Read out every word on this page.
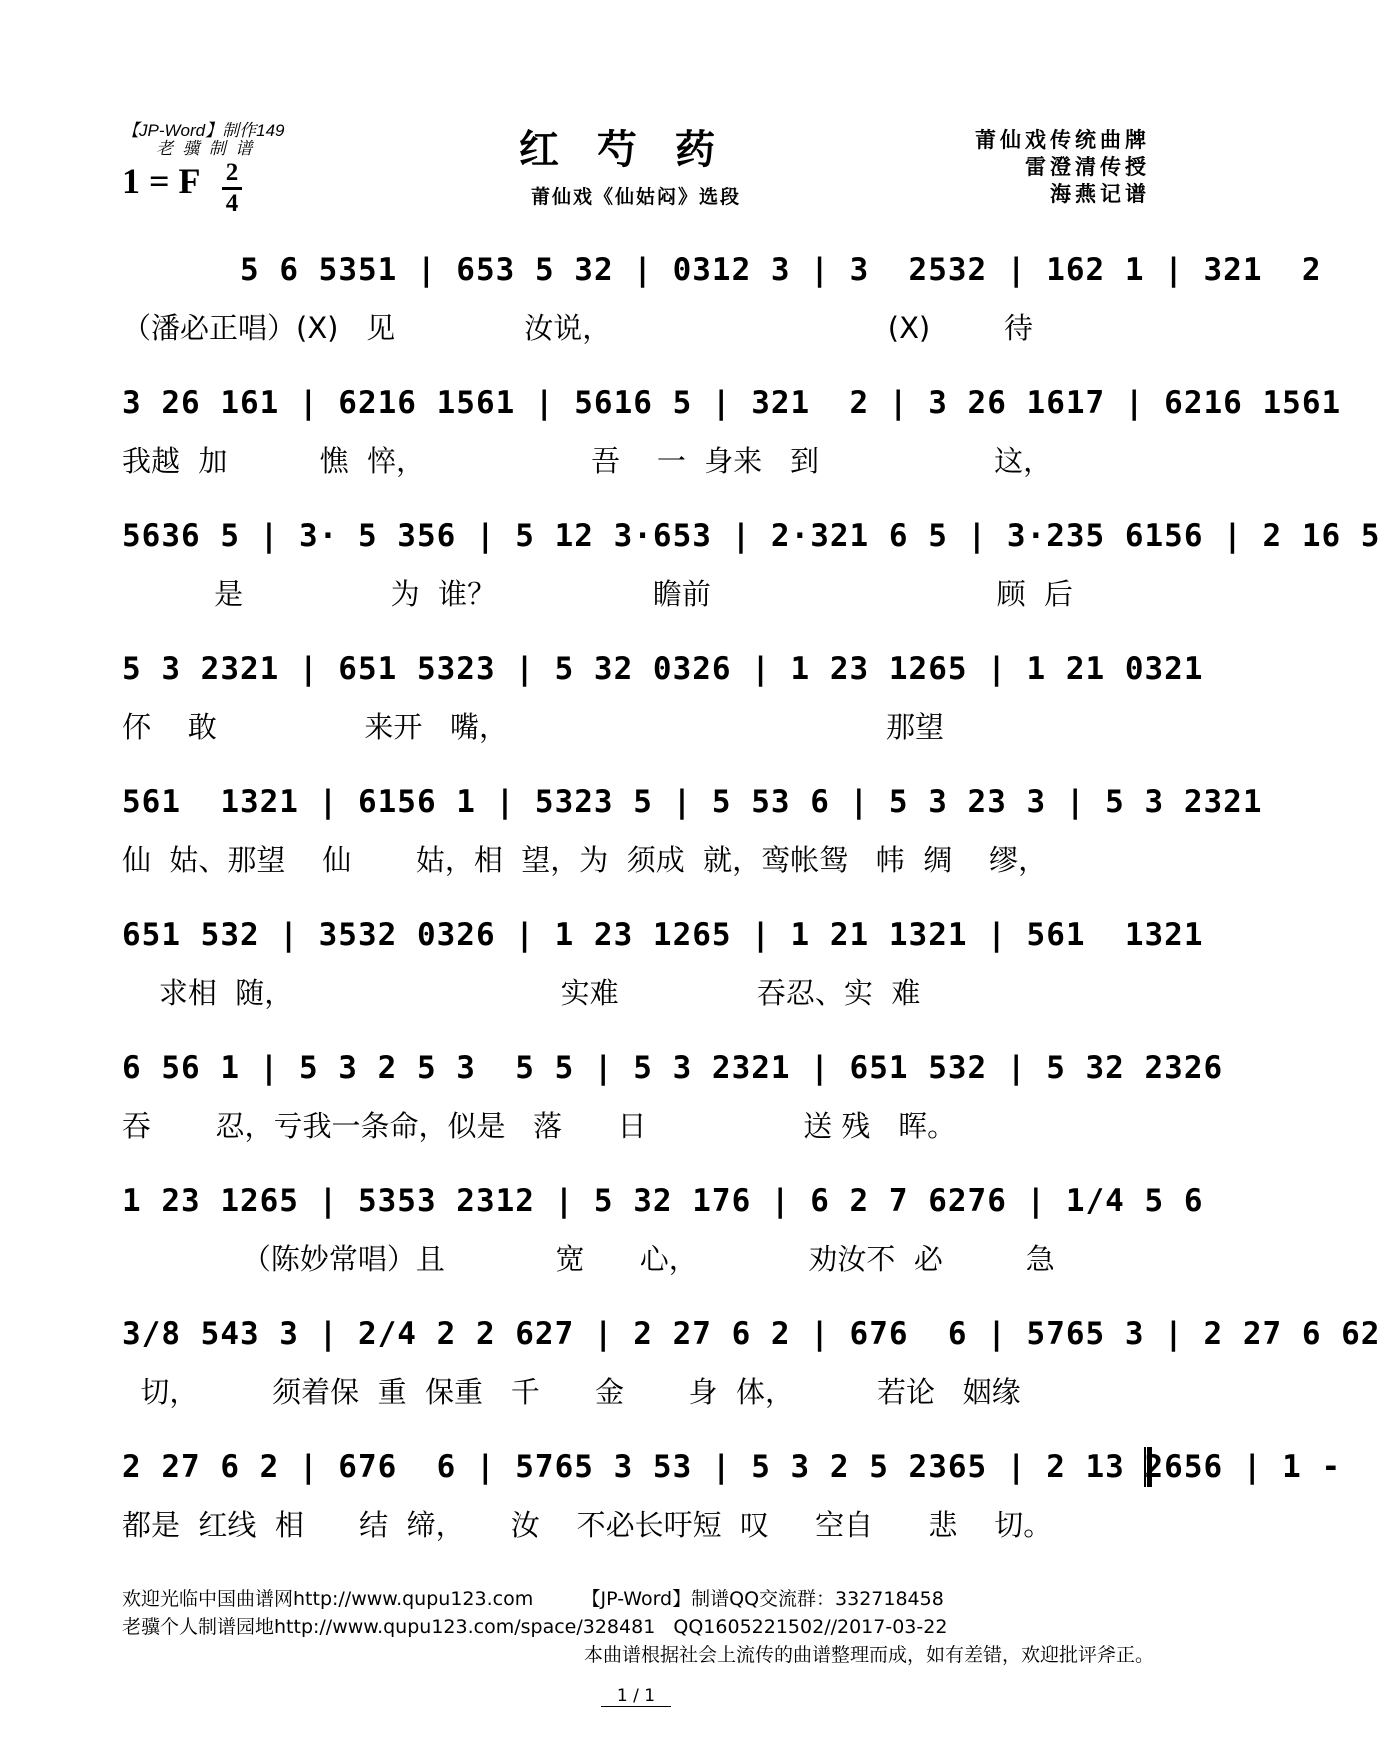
【JP-Word】制作149
老 骥 制 谱
1 = F 2
4
红芍药
莆仙戏《仙姑闷》选段
莆仙戏传统曲牌
雷澄清传授
海燕记谱
5 6 5351 | 653 5 32 | 0312 3 | 3  2532 | 162 1 | 321  2
（潘必正唱）(X)   见              汝说，                              (X)        待
3 26 161 | 6216 1561 | 5616 5 | 321  2 | 3 26 1617 | 6216 1561
我越  加          憔  悴，                  吾    一  身来   到                   这，
5636 5 | 3· 5 356 | 5 12 3·653 | 2·321 6 5 | 3·235 6156 | 2 16 5
是                为  谁？                 瞻前                               顾  后
5 3 2321 | 651 5323 | 5 32 0326 | 1 23 1265 | 1 21 0321
伓    敢                来开   嘴，                                         那望
561  1321 | 6156 1 | 5323 5 | 5 53 6 | 5 3 23 3 | 5 3 2321
仙  姑、那望    仙       姑，相  望，为  须成  就，鸾帐鸳   帏  绸    缪，
651 532 | 3532 0326 | 1 23 1265 | 1 21 1321 | 561  1321
求相  随，                             实难               吞忍、实  难
6 56 1 | 5 3 2 5 3  5 5 | 5 3 2321 | 651 532 | 5 32 2326
吞       忍，亏我一条命，似是   落      日                 送 残   晖。
1 23 1265 | 5353 2312 | 5 32 176 | 6 2 7 6276 | 1/4 5 6
（陈妙常唱）且            宽      心，            劝汝不  必         急
3/8 543 3 | 2/4 2 2 627 | 2 27 6 2 | 676  6 | 5765 3 | 2 27 6 62
切，        须着保  重  保重   千      金       身  体，         若论   姻缘
2 27 6 2 | 676  6 | 5765 3 53 | 5 3 2 5 2365 | 2 13 2656 | 1 -
都是  红线  相      结  缔，     汝    不必长吁短  叹     空自      悲    切。
欢迎光临中国曲谱网http://www.qupu123.com	【JP-Word】制谱QQ交流群：332718458
老骥个人制谱园地http://www.qupu123.com/space/328481   QQ1605221502//2017-03-22
本曲谱根据社会上流传的曲谱整理而成，如有差错，欢迎批评斧正。
1 / 1
